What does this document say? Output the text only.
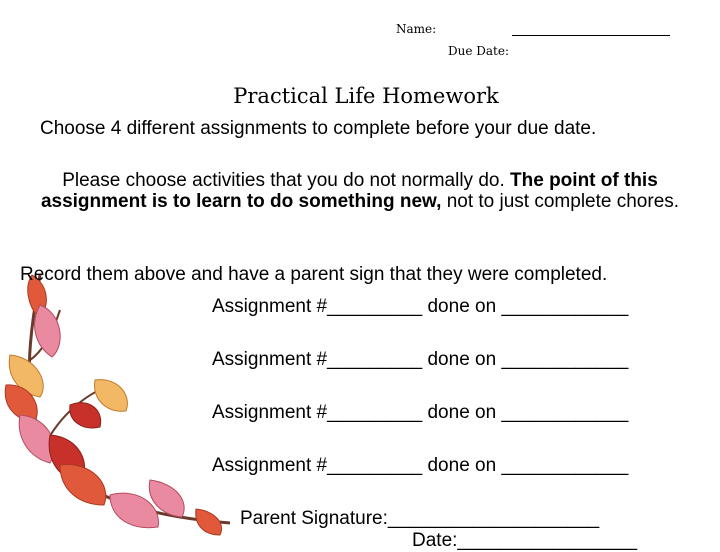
Name:
Due Date:
Practical Life Homework
Choose 4 different assignments to complete before your due date.
Please choose activities that you do not normally do. The point of this assignment is to learn to do something new, not to just complete chores.
Record them above and have a parent sign that they were completed.
Assignment #_________ done on ____________
Assignment #_________ done on ____________
Assignment #_________ done on ____________
Assignment #_________ done on ____________
Parent Signature:____________________
Date:_________________
